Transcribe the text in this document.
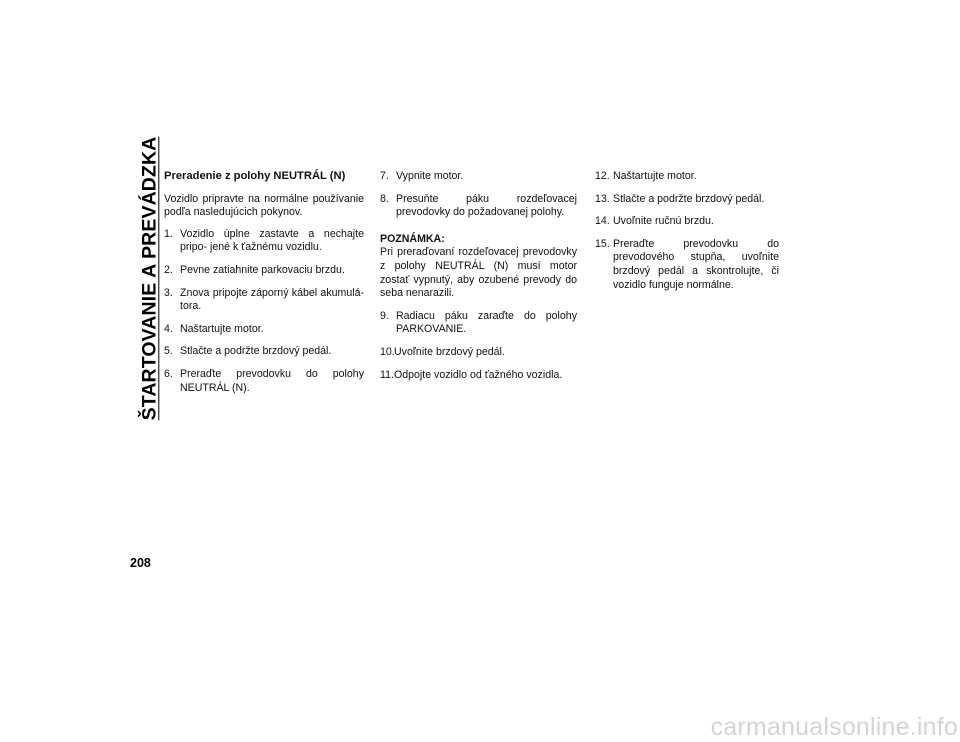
ŠTARTOVANIE A PREVÁDZKA Preradenie z polohy NEUTRÁL (N)
Vozidlo pripravte na normálne používanie podľa nasledujúcich pokynov.
1. Vozidlo úplne zastavte a nechajte pripo- jené k ťažnému vozidlu.
2. Pevne zatiahnite parkovaciu brzdu.
3. Znova pripojte záporný kábel akumulá- tora.
4. Naštartujte motor.
5. Stlačte a podržte brzdový pedál.
6. Preraďte prevodovku do polohy NEUTRÁL (N).
7. Vypnite motor.
8. Presuňte páku rozdeľovacej prevodovky do požadovanej polohy.
POZNÁMKA:
Pri preraďovaní rozdeľovacej prevodovky z polohy NEUTRÁL (N) musí motor zostať vypnutý, aby ozubené prevody do seba nenarazili.
9. Radiacu páku zaraďte do polohy PARKOVANIE.
10. Uvoľnite brzdový pedál.
11. Odpojte vozidlo od ťažného vozidla.
12. Naštartujte motor.
13. Stlačte a podržte brzdový pedál.
14. Uvoľnite ručnú brzdu.
15. Preraďte prevodovku do prevodového stupňa, uvoľnite brzdový pedál a skontrolujte, či vozidlo funguje normálne.
208
carmanualsonline.info
